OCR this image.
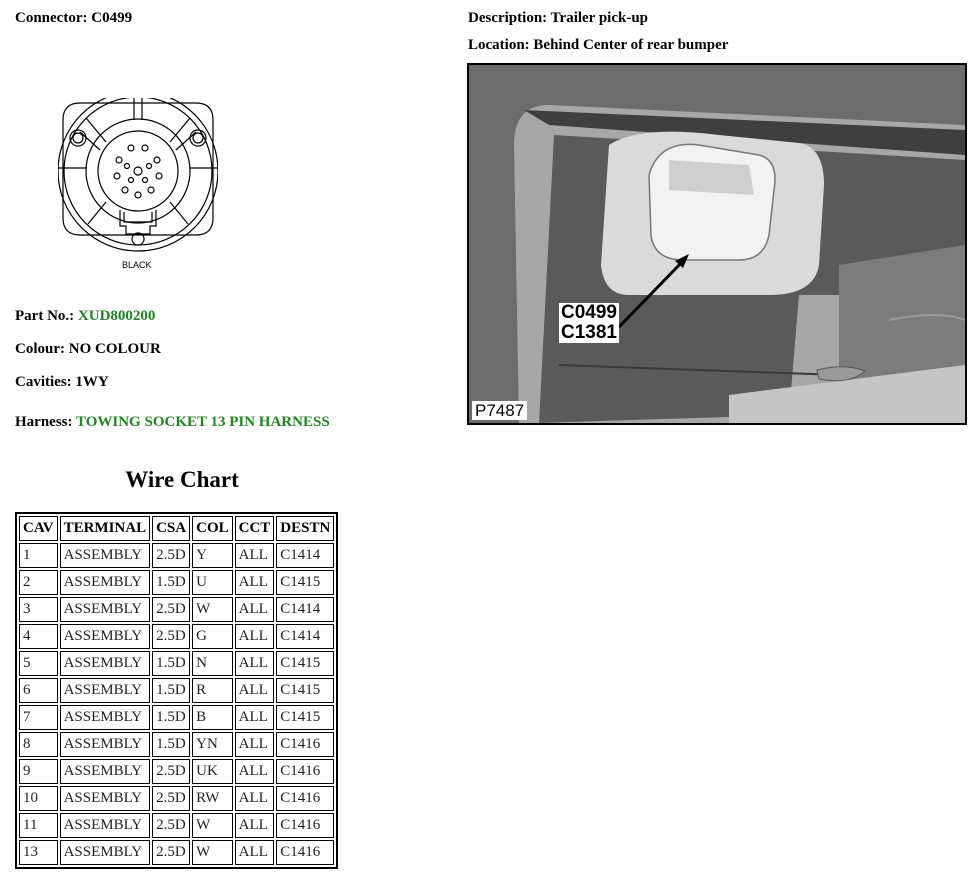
Connector: C0499	Description: Trailer pick-up
Location: Behind Center of rear bumper
BLACK
C0499
C1381
P7487
Part No.: XUD800200
Colour: NO COLOUR
Cavities: 1WY
Harness: TOWING SOCKET 13 PIN HARNESS
Wire Chart
CAV	TERMINAL	CSA	COL	CCT	DESTN
1	ASSEMBLY	2.5D	Y	ALL	C1414
2	ASSEMBLY	1.5D	U	ALL	C1415
3	ASSEMBLY	2.5D	W	ALL	C1414
4	ASSEMBLY	2.5D	G	ALL	C1414
5	ASSEMBLY	1.5D	N	ALL	C1415
6	ASSEMBLY	1.5D	R	ALL	C1415
7	ASSEMBLY	1.5D	B	ALL	C1415
8	ASSEMBLY	1.5D	YN	ALL	C1416
9	ASSEMBLY	2.5D	UK	ALL	C1416
10	ASSEMBLY	2.5D	RW	ALL	C1416
11	ASSEMBLY	2.5D	W	ALL	C1416
13	ASSEMBLY	2.5D	W	ALL	C1416
